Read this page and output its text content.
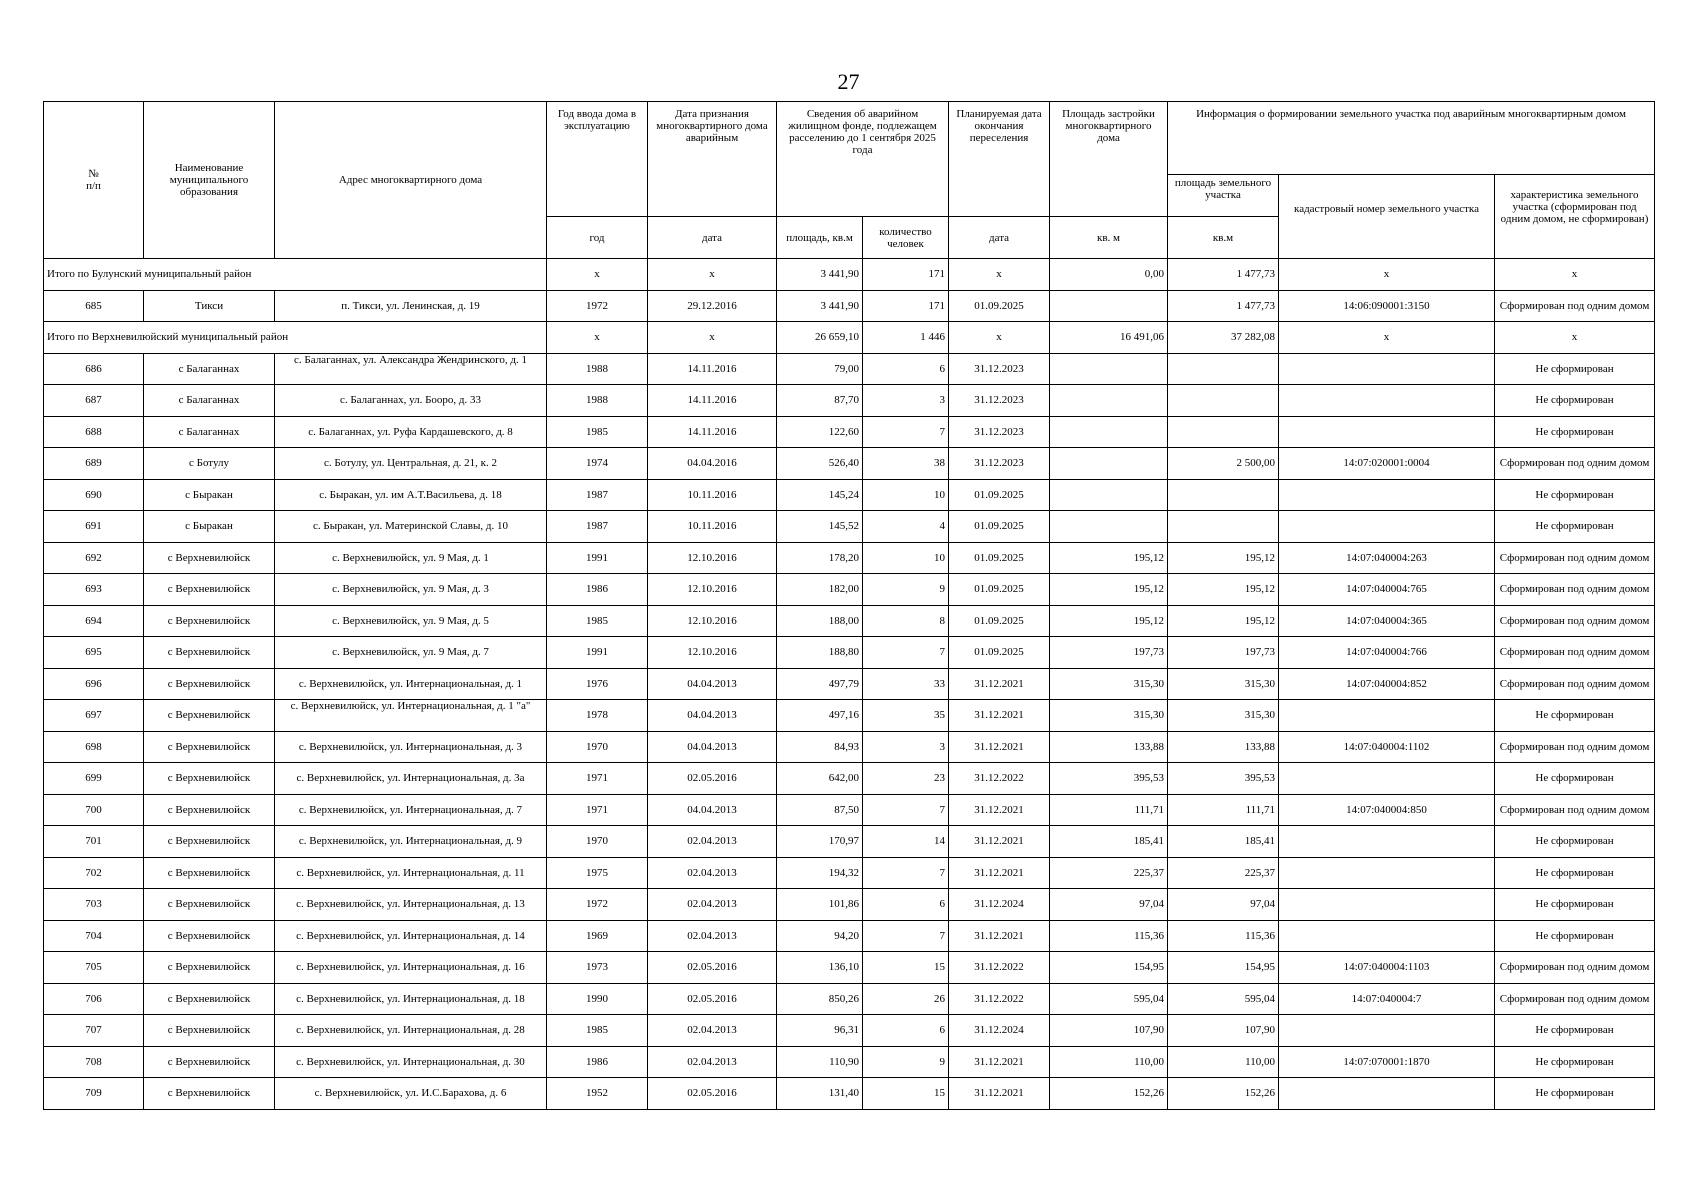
27
№
п/п	Наименование муниципального образования	Адрес многоквартирного дома	Год ввода дома в эксплуатацию	Дата признания многоквартирного дома аварийным	Сведения об аварийном жилищном фонде, подлежащем расселению до 1 сентября 2025 года		Планируемая дата окончания переселения	Площадь застройки многоквартирного дома	Информация о формировании земельного участка под аварийным многоквартирным домом		
									площадь земельного участка	кадастровый номер земельного участка	характеристика земельного участка (сформирован под одним домом, не сформирован)
			год	дата	площадь, кв.м	количество человек	дата	кв. м	кв.м		
Итого по Булунский муниципальный район			х	х	3 441,90	171	х	0,00	1 477,73	х	х
685	Тикси	п. Тикси, ул. Ленинская, д. 19	1972	29.12.2016	3 441,90	171	01.09.2025		1 477,73	14:06:090001:3150	Сформирован под одним домом
Итого по Верхневилюйский муниципальный район			х	х	26 659,10	1 446	х	16 491,06	37 282,08	х	х
686	с Балаганнах	с. Балаганнах, ул. Александра Жендринского, д. 1	1988	14.11.2016	79,00	6	31.12.2023				Не сформирован
687	с Балаганнах	с. Балаганнах, ул. Бооро, д. 33	1988	14.11.2016	87,70	3	31.12.2023				Не сформирован
688	с Балаганнах	с. Балаганнах, ул. Руфа Кардашевского, д. 8	1985	14.11.2016	122,60	7	31.12.2023				Не сформирован
689	с Ботулу	с. Ботулу, ул. Центральная, д. 21, к. 2	1974	04.04.2016	526,40	38	31.12.2023		2 500,00	14:07:020001:0004	Сформирован под одним домом
690	с Быракан	с. Быракан, ул. им А.Т.Васильева, д. 18	1987	10.11.2016	145,24	10	01.09.2025				Не сформирован
691	с Быракан	с. Быракан, ул. Материнской Славы, д. 10	1987	10.11.2016	145,52	4	01.09.2025				Не сформирован
692	с Верхневилюйск	с. Верхневилюйск, ул. 9 Мая, д. 1	1991	12.10.2016	178,20	10	01.09.2025	195,12	195,12	14:07:040004:263	Сформирован под одним домом
693	с Верхневилюйск	с. Верхневилюйск, ул. 9 Мая, д. 3	1986	12.10.2016	182,00	9	01.09.2025	195,12	195,12	14:07:040004:765	Сформирован под одним домом
694	с Верхневилюйск	с. Верхневилюйск, ул. 9 Мая, д. 5	1985	12.10.2016	188,00	8	01.09.2025	195,12	195,12	14:07:040004:365	Сформирован под одним домом
695	с Верхневилюйск	с. Верхневилюйск, ул. 9 Мая, д. 7	1991	12.10.2016	188,80	7	01.09.2025	197,73	197,73	14:07:040004:766	Сформирован под одним домом
696	с Верхневилюйск	с. Верхневилюйск, ул. Интернациональная, д. 1	1976	04.04.2013	497,79	33	31.12.2021	315,30	315,30	14:07:040004:852	Сформирован под одним домом
697	с Верхневилюйск	с. Верхневилюйск, ул. Интернациональная, д. 1 "а"	1978	04.04.2013	497,16	35	31.12.2021	315,30	315,30		Не сформирован
698	с Верхневилюйск	с. Верхневилюйск, ул. Интернациональная, д. 3	1970	04.04.2013	84,93	3	31.12.2021	133,88	133,88	14:07:040004:1102	Сформирован под одним домом
699	с Верхневилюйск	с. Верхневилюйск, ул. Интернациональная, д. 3а	1971	02.05.2016	642,00	23	31.12.2022	395,53	395,53		Не сформирован
700	с Верхневилюйск	с. Верхневилюйск, ул. Интернациональная, д. 7	1971	04.04.2013	87,50	7	31.12.2021	111,71	111,71	14:07:040004:850	Сформирован под одним домом
701	с Верхневилюйск	с. Верхневилюйск, ул. Интернациональная, д. 9	1970	02.04.2013	170,97	14	31.12.2021	185,41	185,41		Не сформирован
702	с Верхневилюйск	с. Верхневилюйск, ул. Интернациональная, д. 11	1975	02.04.2013	194,32	7	31.12.2021	225,37	225,37		Не сформирован
703	с Верхневилюйск	с. Верхневилюйск, ул. Интернациональная, д. 13	1972	02.04.2013	101,86	6	31.12.2024	97,04	97,04		Не сформирован
704	с Верхневилюйск	с. Верхневилюйск, ул. Интернациональная, д. 14	1969	02.04.2013	94,20	7	31.12.2021	115,36	115,36		Не сформирован
705	с Верхневилюйск	с. Верхневилюйск, ул. Интернациональная, д. 16	1973	02.05.2016	136,10	15	31.12.2022	154,95	154,95	14:07:040004:1103	Сформирован под одним домом
706	с Верхневилюйск	с. Верхневилюйск, ул. Интернациональная, д. 18	1990	02.05.2016	850,26	26	31.12.2022	595,04	595,04	14:07:040004:7	Сформирован под одним домом
707	с Верхневилюйск	с. Верхневилюйск, ул. Интернациональная, д. 28	1985	02.04.2013	96,31	6	31.12.2024	107,90	107,90		Не сформирован
708	с Верхневилюйск	с. Верхневилюйск, ул. Интернациональная, д. 30	1986	02.04.2013	110,90	9	31.12.2021	110,00	110,00	14:07:070001:1870	Не сформирован
709	с Верхневилюйск	с. Верхневилюйск, ул. И.С.Барахова, д. 6	1952	02.05.2016	131,40	15	31.12.2021	152,26	152,26		Не сформирован
